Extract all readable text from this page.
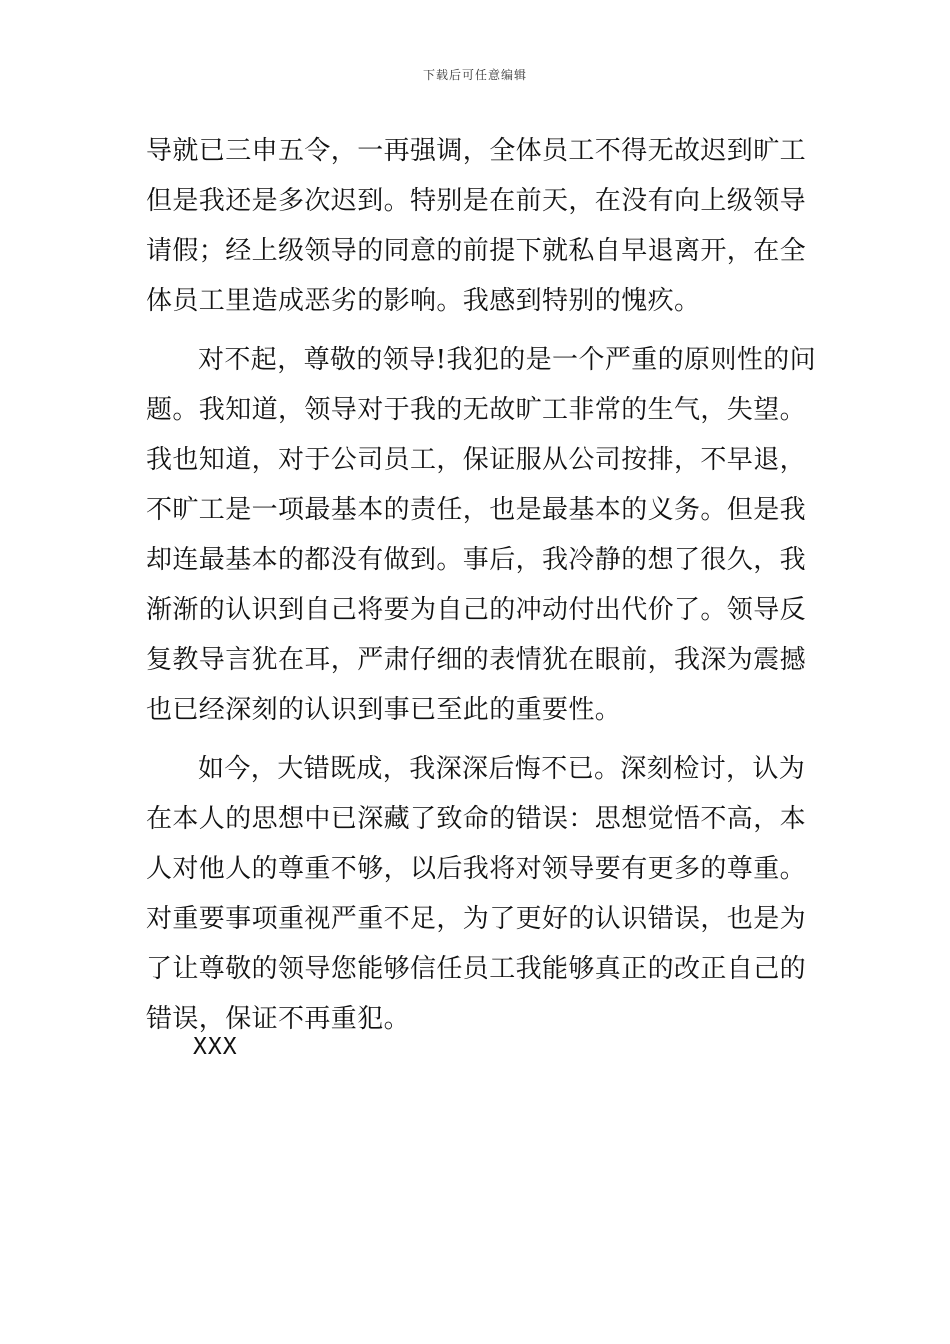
下载后可任意编辑
导就已三申五令，一再强调，全体员工不得无故迟到旷工
但是我还是多次迟到。特别是在前天，在没有向上级领导
请假；经上级领导的同意的前提下就私自早退离开，在全
体员工里造成恶劣的影响。我感到特别的愧疚。
对不起，尊敬的领导!我犯的是一个严重的原则性的问
题。我知道，领导对于我的无故旷工非常的生气，失望。
我也知道，对于公司员工，保证服从公司按排，不早退，
不旷工是一项最基本的责任，也是最基本的义务。但是我
却连最基本的都没有做到。事后，我冷静的想了很久，我
渐渐的认识到自己将要为自己的冲动付出代价了。领导反
复教导言犹在耳，严肃仔细的表情犹在眼前，我深为震撼
也已经深刻的认识到事已至此的重要性。
如今，大错既成，我深深后悔不已。深刻检讨，认为
在本人的思想中已深藏了致命的错误：思想觉悟不高，本
人对他人的尊重不够，以后我将对领导要有更多的尊重。
对重要事项重视严重不足，为了更好的认识错误，也是为
了让尊敬的领导您能够信任员工我能够真正的改正自己的
错误，保证不再重犯。
XXX
